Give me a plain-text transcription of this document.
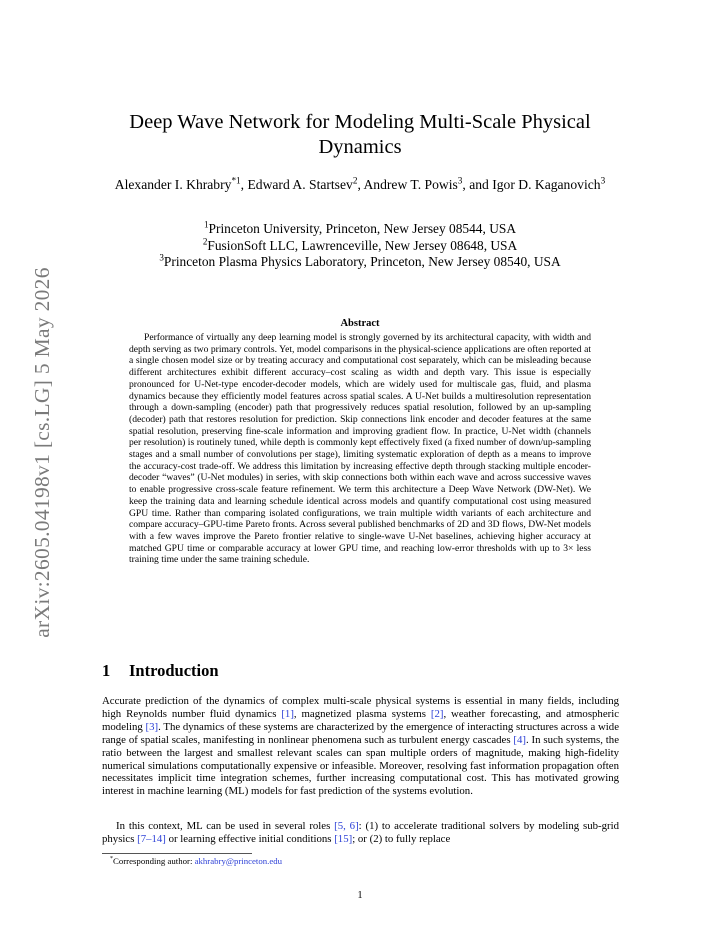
arXiv:2605.04198v1 [cs.LG] 5 May 2026
Deep Wave Network for Modeling Multi-Scale Physical Dynamics
Alexander I. Khrabry$^{*1}$, Edward A. Startsev$^2$, Andrew T. Powis$^3$, and Igor D. Kaganovich$^3$
$^1$Princeton University, Princeton, New Jersey 08544, USA
$^2$FusionSoft LLC, Lawrenceville, New Jersey 08648, USA
$^3$Princeton Plasma Physics Laboratory, Princeton, New Jersey 08540, USA
Abstract

Performance of virtually any deep learning model is strongly governed by its architectural capacity, with width and depth serving as two primary controls. Yet, model comparisons in the physical-science applications are often reported at a single chosen model size or by treating accuracy and computational cost separately, which can be misleading because different architectures exhibit different accuracy–cost scaling as width and depth vary. This issue is especially pronounced for U-Net-type encoder-decoder models, which are widely used for multiscale gas, fluid, and plasma dynamics because they efficiently model features across spatial scales. A U-Net builds a multiresolution representation through a down-sampling (encoder) path that progressively reduces spatial resolution, followed by an up-sampling (decoder) path that restores resolution for prediction. Skip connections link encoder and decoder features at the same spatial resolution, preserving fine-scale information and improving gradient flow. In practice, U-Net width (channels per resolution) is routinely tuned, while depth is commonly kept effectively fixed (a fixed number of down/up-sampling stages and a small number of convolutions per stage), limiting systematic exploration of depth as a means to improve the accuracy-cost trade-off. We address this limitation by increasing effective depth through stacking multiple encoder-decoder “waves” (U-Net modules) in series, with skip connections both within each wave and across successive waves to enable progressive cross-scale feature refinement. We term this architecture a Deep Wave Network (DW-Net). We keep the training data and learning schedule identical across models and quantify computational cost using measured GPU time. Rather than comparing isolated configurations, we train multiple width variants of each architecture and compare accuracy–GPU-time Pareto fronts. Across several published benchmarks of 2D and 3D flows, DW-Net models with a few waves improve the Pareto frontier relative to single-wave U-Net baselines, achieving higher accuracy at matched GPU time or comparable accuracy at lower GPU time, and reaching low-error thresholds with up to 3× less training time under the same training schedule.

1 Introduction

Accurate prediction of the dynamics of complex multi-scale physical systems is essential in many fields, including high Reynolds number fluid dynamics [1], magnetized plasma systems [2], weather forecasting, and atmospheric modeling [3]. The dynamics of these systems are characterized by the emergence of interacting structures across a wide range of spatial scales, manifesting in nonlinear phenomena such as turbulent energy cascades [4]. In such systems, the ratio between the largest and smallest relevant scales can span multiple orders of magnitude, making high-fidelity numerical simulations computationally expensive or infeasible. Moreover, resolving fast information propagation often necessitates implicit time integration schemes, further increasing computational cost. This has motivated growing interest in machine learning (ML) models for fast prediction of the systems evolution.

In this context, ML can be used in several roles [5, 6]: (1) to accelerate traditional solvers by modeling sub-grid physics [7–14] or learning effective initial conditions [15]; or (2) to fully replace

*Corresponding author: akhrabry@princeton.edu
1
